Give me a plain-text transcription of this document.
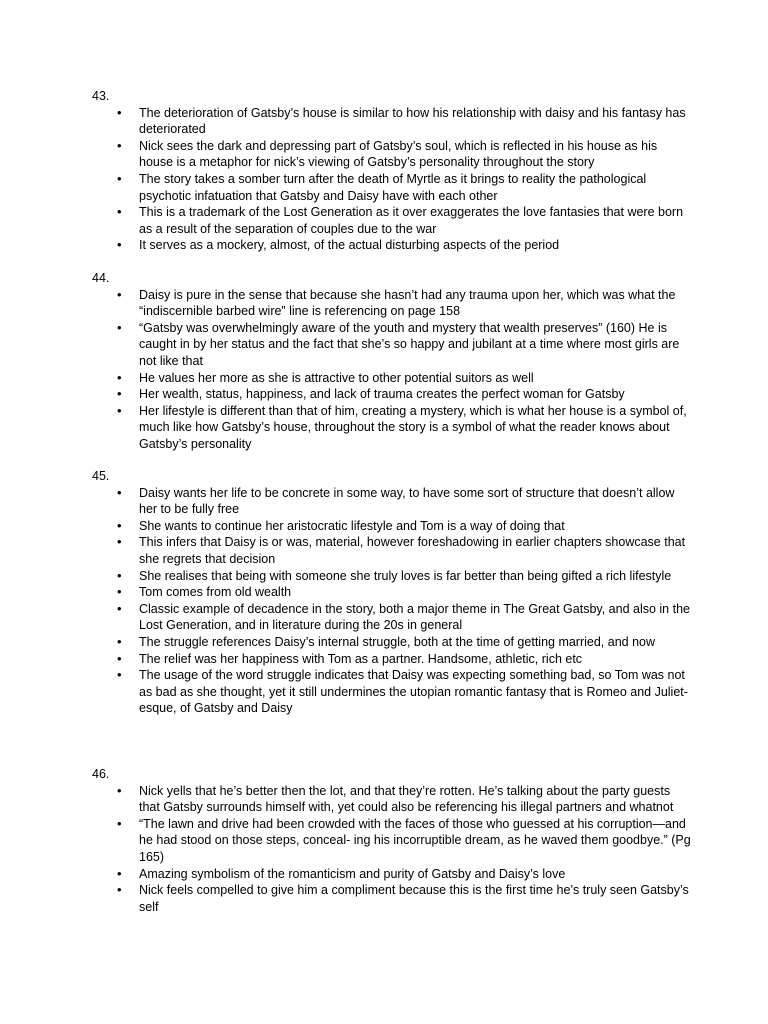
43.
• The deterioration of Gatsby’s house is similar to how his relationship with daisy and his fantasy has deteriorated
• Nick sees the dark and depressing part of Gatsby’s soul, which is reflected in his house as his house is a metaphor for nick’s viewing of Gatsby’s personality throughout the story
• The story takes a somber turn after the death of Myrtle as it brings to reality the pathological psychotic infatuation that Gatsby and Daisy have with each other
• This is a trademark of the Lost Generation as it over exaggerates the love fantasies that were born as a result of the separation of couples due to the war
• It serves as a mockery, almost, of the actual disturbing aspects of the period
44.
• Daisy is pure in the sense that because she hasn’t had any trauma upon her, which was what the “indiscernible barbed wire” line is referencing on page 158
• “Gatsby was overwhelmingly aware of the youth and mystery that wealth preserves” (160) He is caught in by her status and the fact that she’s so happy and jubilant at a time where most girls are not like that
• He values her more as she is attractive to other potential suitors as well
• Her wealth, status, happiness, and lack of trauma creates the perfect woman for Gatsby
• Her lifestyle is different than that of him, creating a mystery, which is what her house is a symbol of, much like how Gatsby’s house, throughout the story is a symbol of what the reader knows about Gatsby’s personality
45.
• Daisy wants her life to be concrete in some way, to have some sort of structure that doesn’t allow her to be fully free
• She wants to continue her aristocratic lifestyle and Tom is a way of doing that
• This infers that Daisy is or was, material, however foreshadowing in earlier chapters showcase that she regrets that decision
• She realises that being with someone she truly loves is far better than being gifted a rich lifestyle
• Tom comes from old wealth
• Classic example of decadence in the story, both a major theme in The Great Gatsby, and also in the Lost Generation, and in literature during the 20s in general
• The struggle references Daisy’s internal struggle, both at the time of getting married, and now
• The relief was her happiness with Tom as a partner. Handsome, athletic, rich etc
• The usage of the word struggle indicates that Daisy was expecting something bad, so Tom was not as bad as she thought, yet it still undermines the utopian romantic fantasy that is Romeo and Juliet-esque, of Gatsby and Daisy
46.
• Nick yells that he’s better then the lot, and that they’re rotten. He’s talking about the party guests that Gatsby surrounds himself with, yet could also be referencing his illegal partners and whatnot
• “The lawn and drive had been crowded with the faces of those who guessed at his corruption—and he had stood on those steps, conceal- ing his incorruptible dream, as he waved them goodbye.” (Pg 165)
• Amazing symbolism of the romanticism and purity of Gatsby and Daisy’s love
• Nick feels compelled to give him a compliment because this is the first time he’s truly seen Gatsby’s self
